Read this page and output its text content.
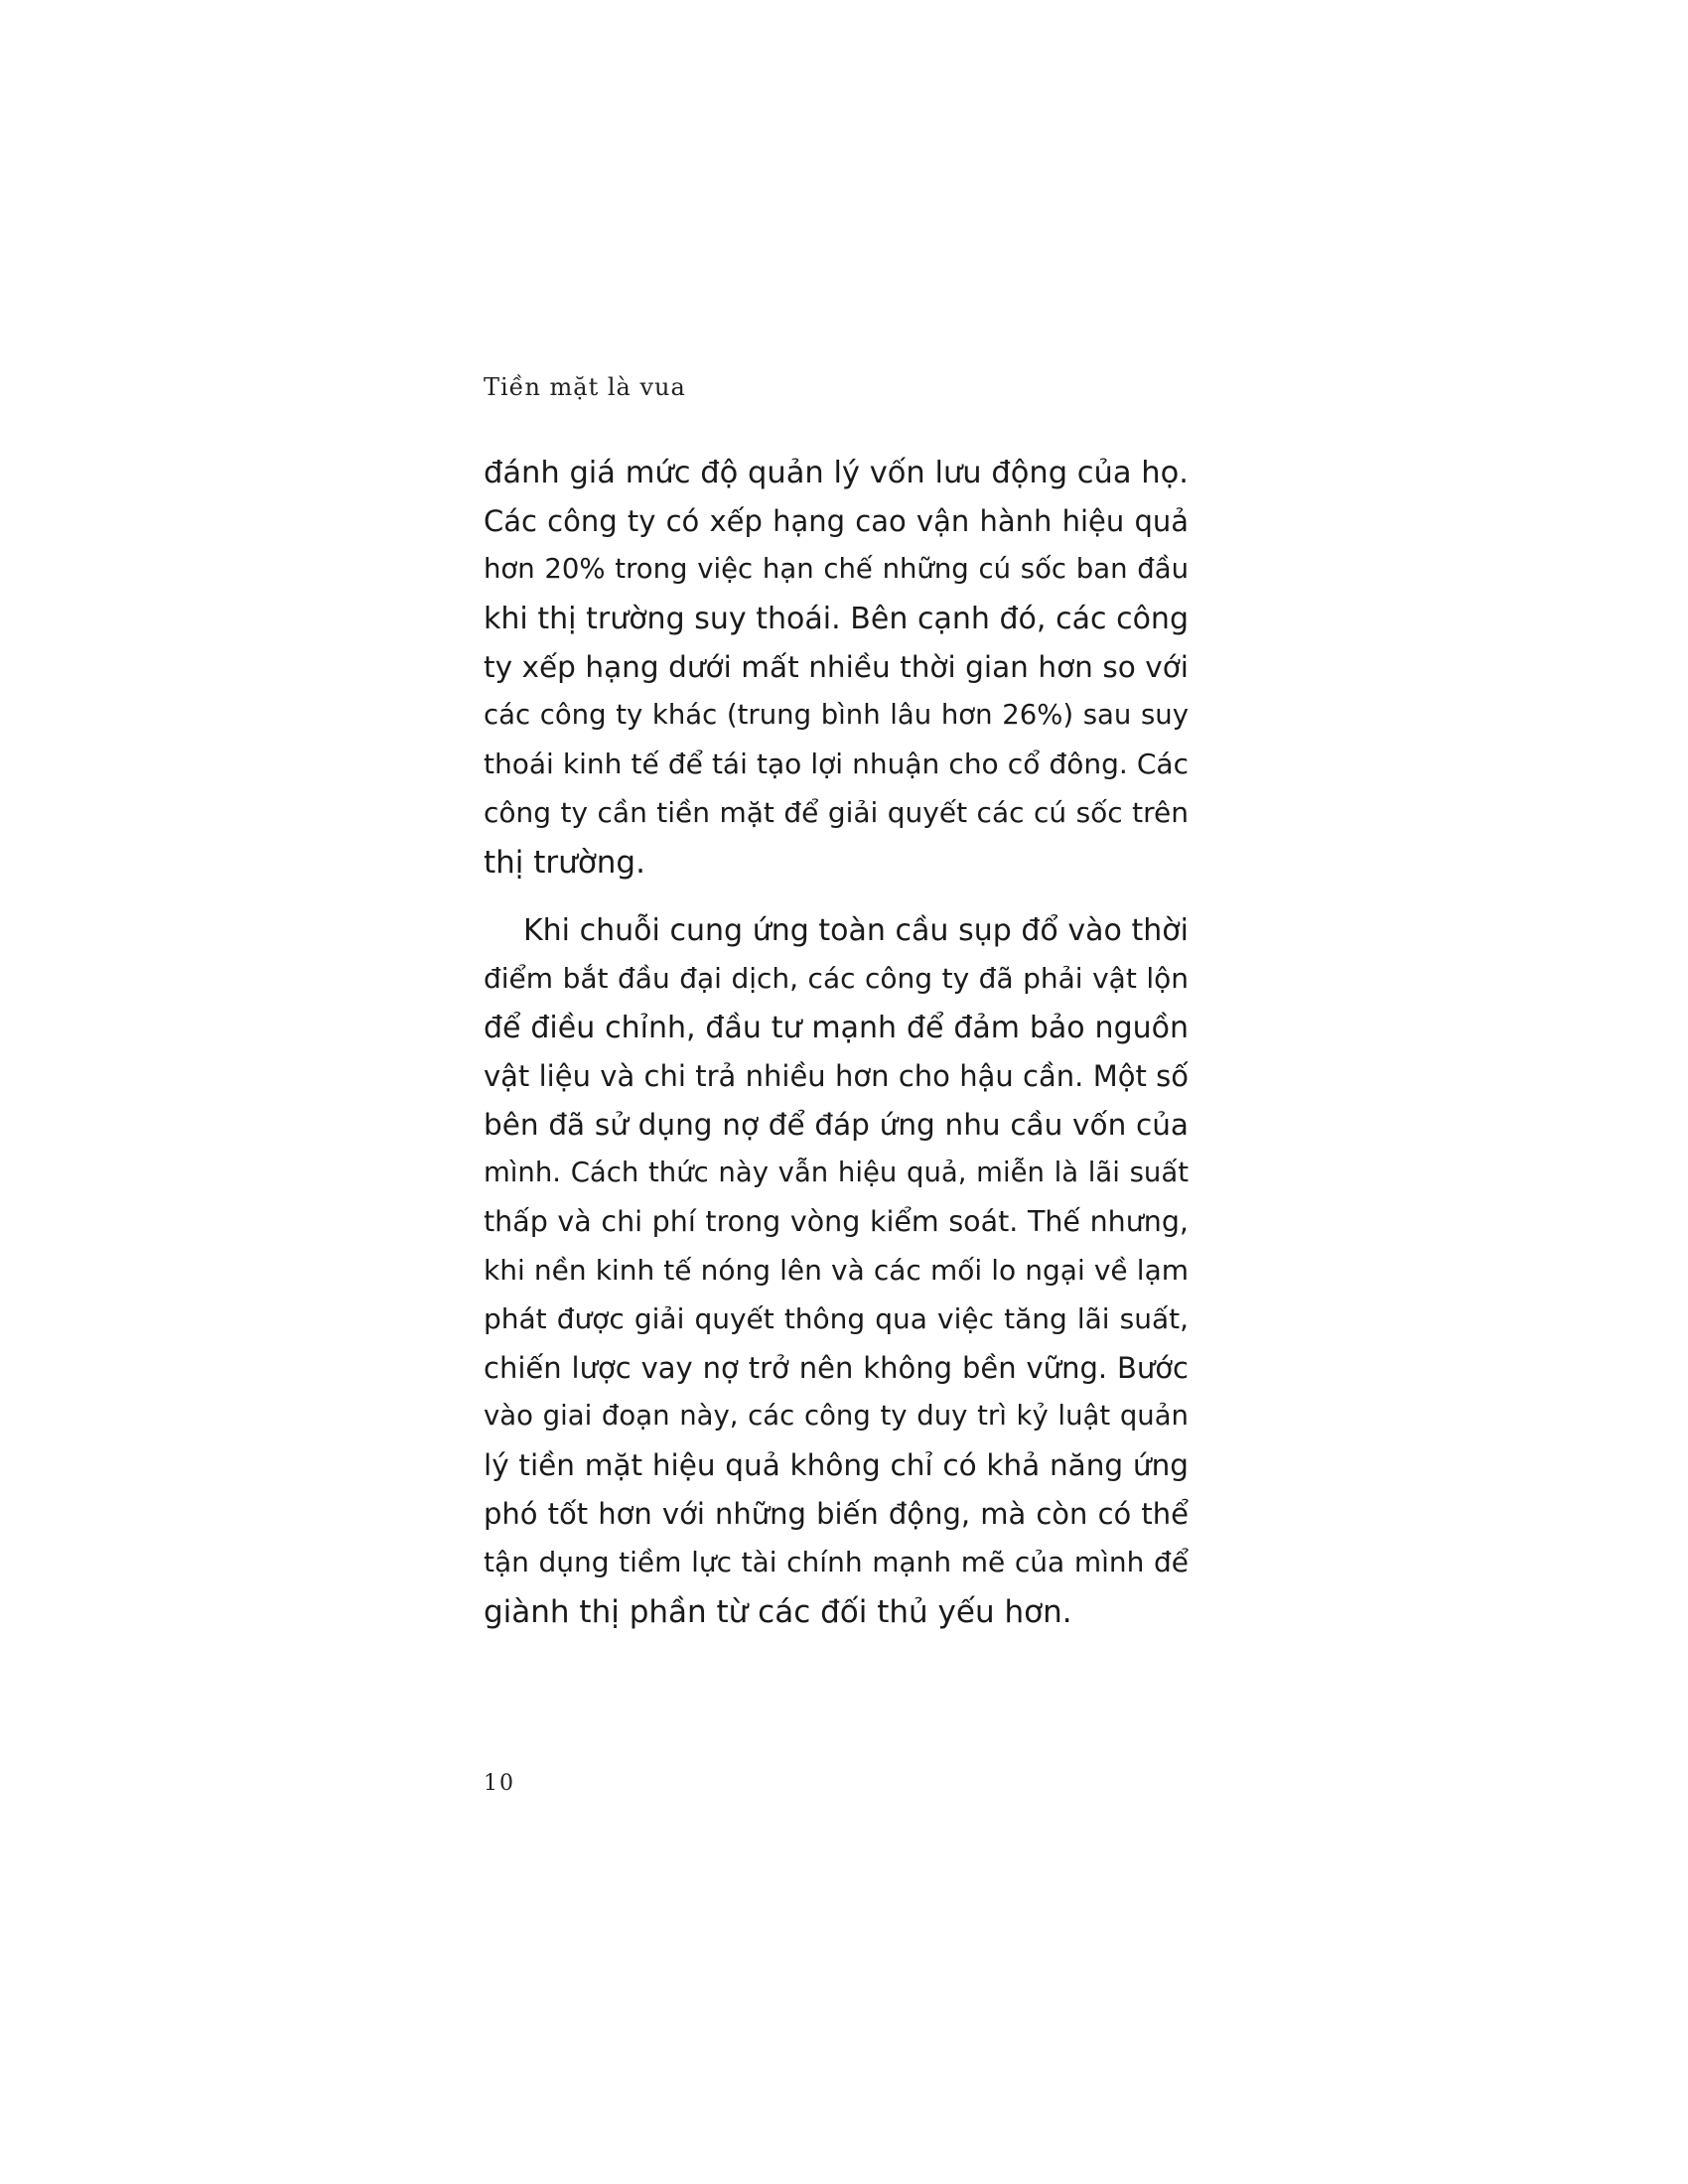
Tiền mặt là vua
đánh giá mức độ quản lý vốn lưu động của họ.
Các công ty có xếp hạng cao vận hành hiệu quả
hơn 20% trong việc hạn chế những cú sốc ban đầu
khi thị trường suy thoái. Bên cạnh đó, các công
ty xếp hạng dưới mất nhiều thời gian hơn so với
các công ty khác (trung bình lâu hơn 26%) sau suy
thoái kinh tế để tái tạo lợi nhuận cho cổ đông. Các
công ty cần tiền mặt để giải quyết các cú sốc trên
thị trường.
Khi chuỗi cung ứng toàn cầu sụp đổ vào thời
điểm bắt đầu đại dịch, các công ty đã phải vật lộn
để điều chỉnh, đầu tư mạnh để đảm bảo nguồn
vật liệu và chi trả nhiều hơn cho hậu cần. Một số
bên đã sử dụng nợ để đáp ứng nhu cầu vốn của
mình. Cách thức này vẫn hiệu quả, miễn là lãi suất
thấp và chi phí trong vòng kiểm soát. Thế nhưng,
khi nền kinh tế nóng lên và các mối lo ngại về lạm
phát được giải quyết thông qua việc tăng lãi suất,
chiến lược vay nợ trở nên không bền vững. Bước
vào giai đoạn này, các công ty duy trì kỷ luật quản
lý tiền mặt hiệu quả không chỉ có khả năng ứng
phó tốt hơn với những biến động, mà còn có thể
tận dụng tiềm lực tài chính mạnh mẽ của mình để
giành thị phần từ các đối thủ yếu hơn.
10
